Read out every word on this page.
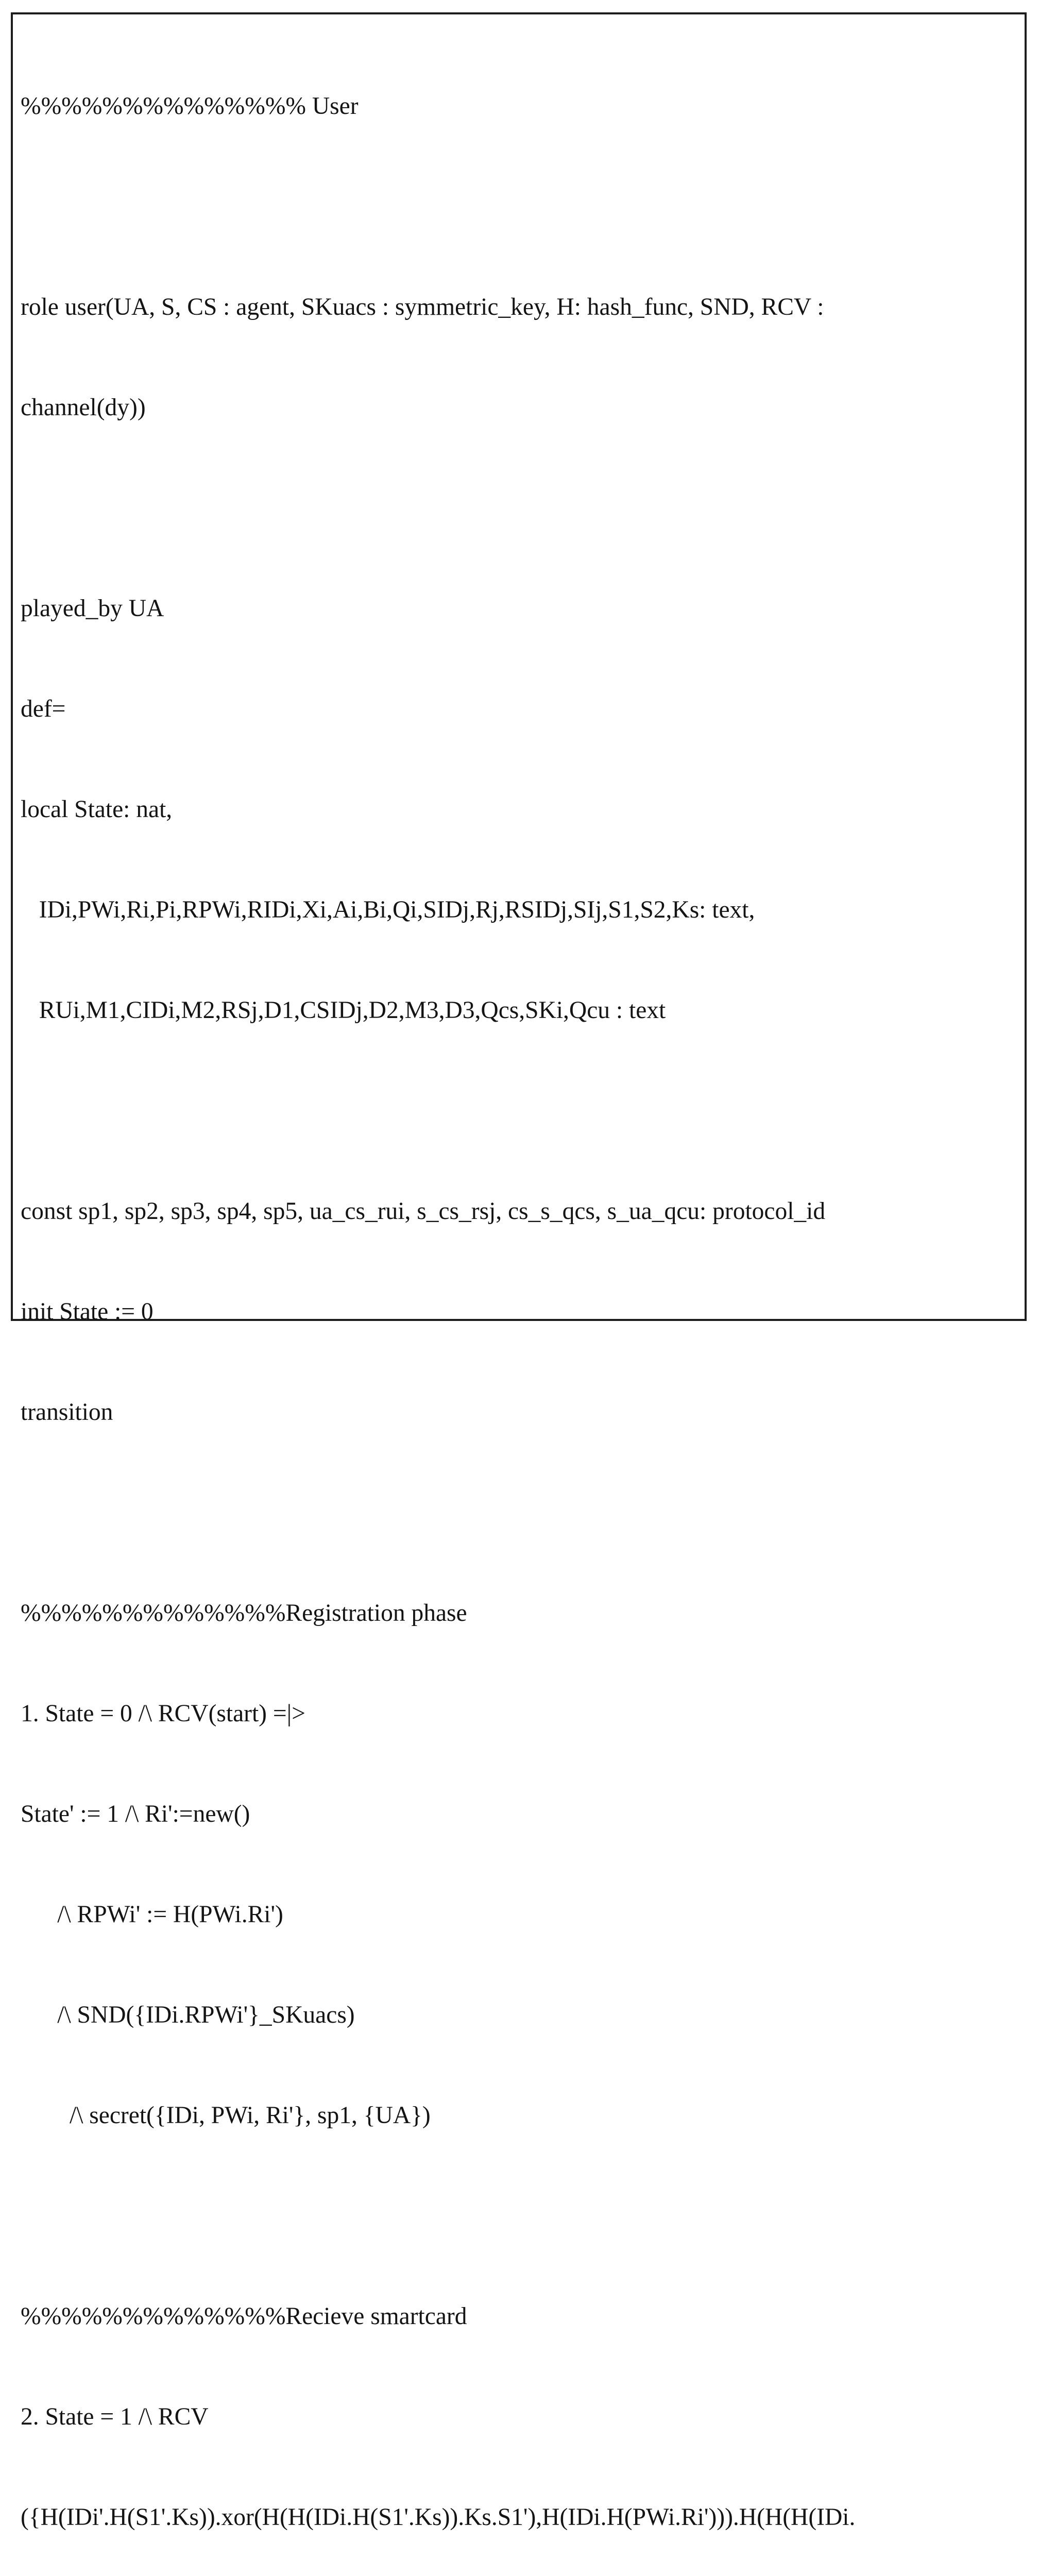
%%%%%%%%%%%%%% User

role user(UA, S, CS : agent, SKuacs : symmetric_key, H: hash_func, SND, RCV :

channel(dy))

played_by UA

def=

local State: nat,

IDi,PWi,Ri,Pi,RPWi,RIDi,Xi,Ai,Bi,Qi,SIDj,Rj,RSIDj,SIj,S1,S2,Ks: text,

RUi,M1,CIDi,M2,RSj,D1,CSIDj,D2,M3,D3,Qcs,SKi,Qcu : text

const sp1, sp2, sp3, sp4, sp5, ua_cs_rui, s_cs_rsj, cs_s_qcs, s_ua_qcu: protocol_id

init State := 0

transition

%%%%%%%%%%%%%Registration phase

1. State = 0 /\ RCV(start) =|>

State' := 1 /\ Ri':=new()

/\ RPWi' := H(PWi.Ri')

/\ SND({IDi.RPWi'}_SKuacs)

/\ secret({IDi, PWi, Ri'}, sp1, {UA})

%%%%%%%%%%%%%Recieve smartcard

2. State = 1 /\ RCV

({H(IDi'.H(S1'.Ks)).xor(H(H(IDi.H(S1'.Ks)).Ks.S1'),H(IDi.H(PWi.Ri'))).H(H(H(IDi.
